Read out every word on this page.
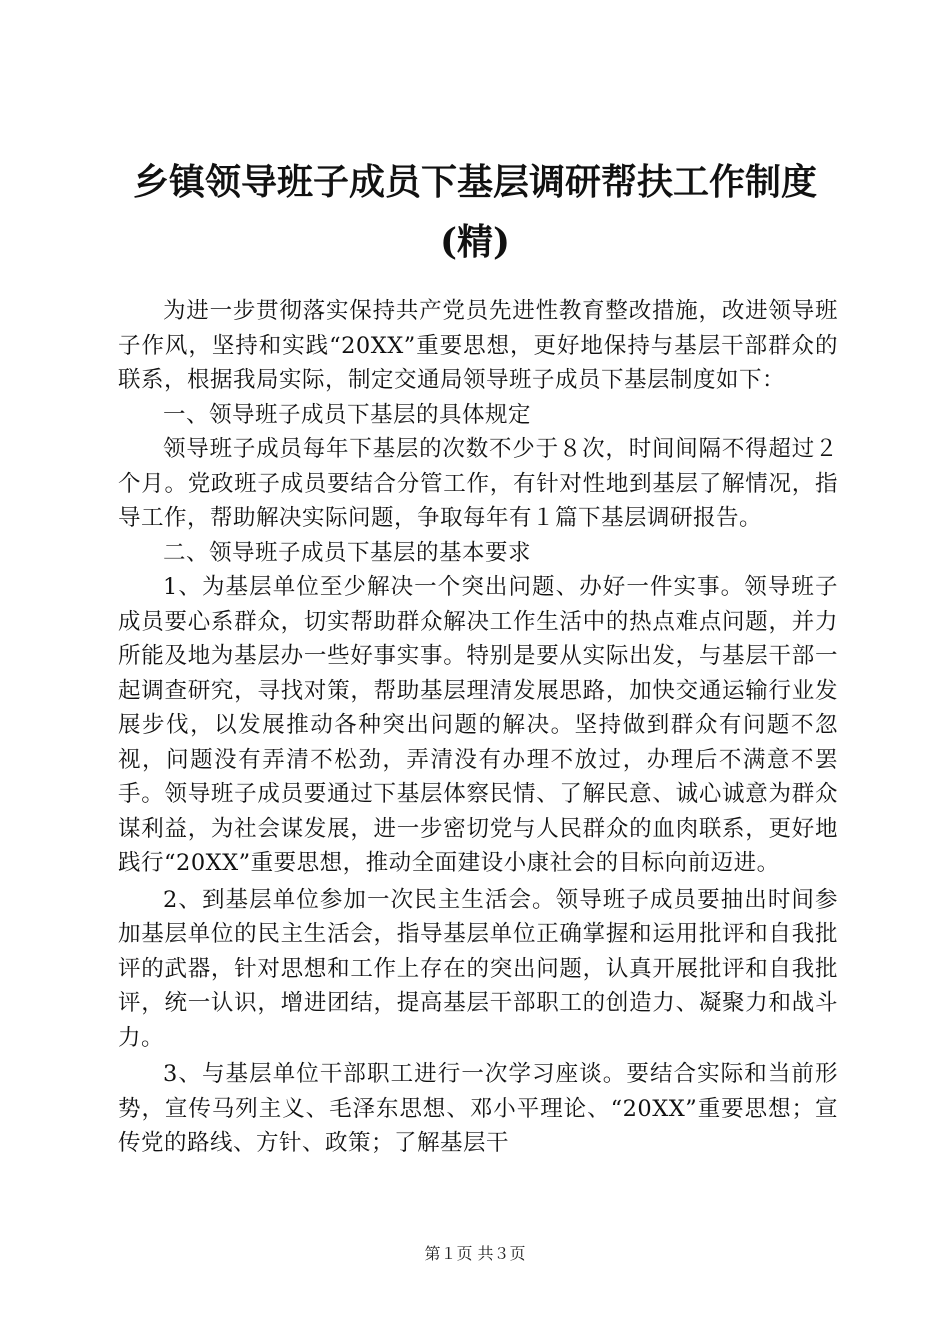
乡镇领导班子成员下基层调研帮扶工作制度
(精)

为进一步贯彻落实保持共产党员先进性教育整改措施，改进领导班子作风，坚持和实践“20XX”重要思想，更好地保持与基层干部群众的联系，根据我局实际，制定交通局领导班子成员下基层制度如下：

一、领导班子成员下基层的具体规定

领导班子成员每年下基层的次数不少于８次，时间间隔不得超过２个月。党政班子成员要结合分管工作，有针对性地到基层了解情况，指导工作，帮助解决实际问题，争取每年有１篇下基层调研报告。

二、领导班子成员下基层的基本要求

1、为基层单位至少解决一个突出问题、办好一件实事。领导班子成员要心系群众，切实帮助群众解决工作生活中的热点难点问题，并力所能及地为基层办一些好事实事。特别是要从实际出发，与基层干部一起调查研究，寻找对策，帮助基层理清发展思路，加快交通运输行业发展步伐，以发展推动各种突出问题的解决。坚持做到群众有问题不忽视，问题没有弄清不松劲，弄清没有办理不放过，办理后不满意不罢手。领导班子成员要通过下基层体察民情、了解民意、诚心诚意为群众谋利益，为社会谋发展，进一步密切党与人民群众的血肉联系，更好地践行“20XX”重要思想，推动全面建设小康社会的目标向前迈进。

2、到基层单位参加一次民主生活会。领导班子成员要抽出时间参加基层单位的民主生活会，指导基层单位正确掌握和运用批评和自我批评的武器，针对思想和工作上存在的突出问题，认真开展批评和自我批评，统一认识，增进团结，提高基层干部职工的创造力、凝聚力和战斗力。

3、与基层单位干部职工进行一次学习座谈。要结合实际和当前形势，宣传马列主义、毛泽东思想、邓小平理论、“20XX”重要思想；宣传党的路线、方针、政策；了解基层干

第１页 共３页
